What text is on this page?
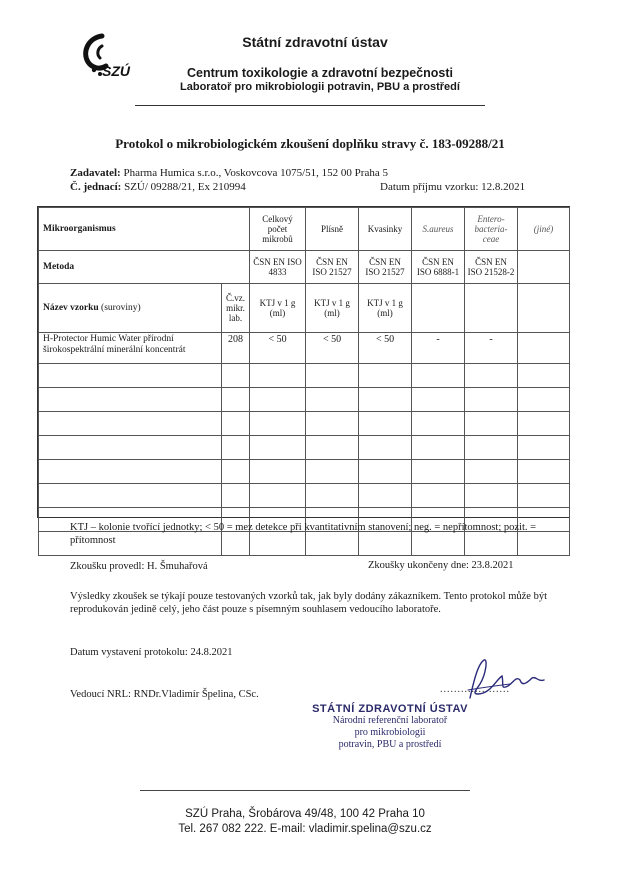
SZÚ
Státní zdravotní ústav
Centrum toxikologie a zdravotní bezpečnosti
Laboratoř pro mikrobiologii potravin, PBU a prostředí
Protokol o mikrobiologickém zkoušení doplňku stravy č. 183-09288/21
Zadavatel: Pharma Humica s.r.o., Voskovcova 1075/51, 152 00 Praha 5
Č. jednací: SZÚ/ 09288/21, Ex 210994	Datum příjmu vzorku: 12.8.2021
Mikroorganismus		Celkový počet mikrobů	Plísně	Kvasinky	S.aureus	Entero-bacteria-ceae	(jiné)
Metoda		ČSN EN ISO 4833	ČSN EN ISO 21527	ČSN EN ISO 21527	ČSN EN ISO 6888-1	ČSN EN ISO 21528-2	
Název vzorku (suroviny)	Č.vz. mikr. lab.	KTJ v 1 g (ml)	KTJ v 1 g (ml)	KTJ v 1 g (ml)			
H-Protector Humic Water přírodní širokospektrální minerální koncentrát	208	< 50	< 50	< 50	-	-	

KTJ – kolonie tvořící jednotky; < 50 = mez detekce při kvantitativním stanovení; neg. = nepřítomnost; pozit. = přítomnost
Zkoušku provedl: H. Šmuhařová	Zkoušky ukončeny dne: 23.8.2021
Výsledky zkoušek se týkají pouze testovaných vzorků tak, jak byly dodány zákazníkem. Tento protokol může být reprodukován jedině celý, jeho část pouze s písemným souhlasem vedoucího laboratoře.
Datum vystavení protokolu: 24.8.2021
Vedoucí NRL: RNDr.Vladimír Špelina, CSc.	....................
STÁTNÍ ZDRAVOTNÍ ÚSTAV
Národní referenční laboratoř
pro mikrobiologii
potravin, PBU a prostředí
SZÚ Praha, Šrobárova 49/48, 100 42 Praha 10
Tel. 267 082 222. E-mail: vladimir.spelina@szu.cz
